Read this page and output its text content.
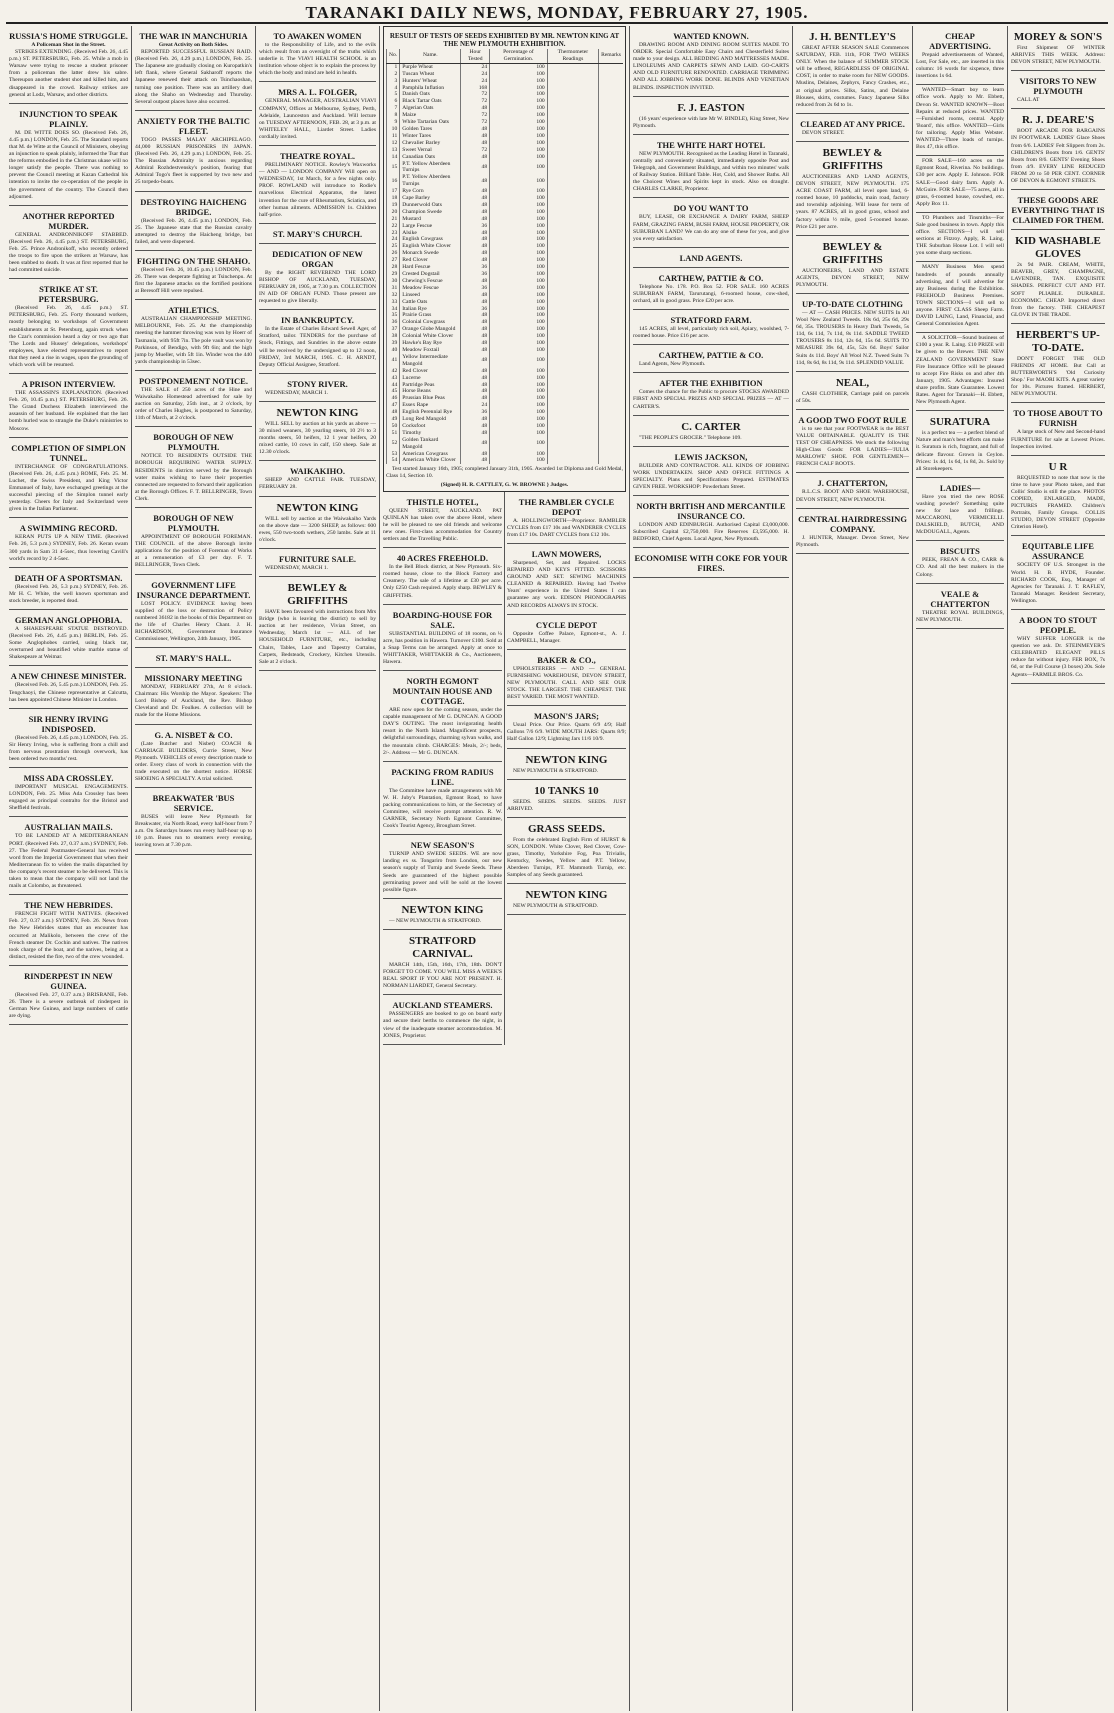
TARANAKI DAILY NEWS, MONDAY, FEBRUARY 27, 1905.
RUSSIA'S HOME STRUGGLE.
A Policeman Shot in the Street.
STRIKES EXTENDING. (Received Feb. 26, 4.45 p.m.) ST. PETERSBURG, Feb. 25. While a mob in Warsaw were trying to rescue a student prisoner from a policeman the latter drew his sabre. Thereupon another student shot and killed him, and disappeared in the crowd. Railway strikes are general at Lodz, Warsaw, and other districts.
INJUNCTION TO SPEAK PLAINLY.
M. DE WITTE DOES SO. (Received Feb. 26, 4.45 p.m.) LONDON, Feb. 25. The Standard reports that M. de Witte at the Council of Ministers, obeying an injunction to speak plainly, informed the Tsar that the reforms embodied in the Christmas ukase will no longer satisfy the people. There was nothing to prevent the Council meeting at Kazan Cathedral his intention to invite the co-operation of the people in the government of the country. The Council then adjourned.
ANOTHER REPORTED MURDER.
GENERAL ANDRONNIKOFF STABBED. (Received Feb. 26, 4.45 p.m.) ST. PETERSBURG, Feb. 25. Prince Andronikoff, who recently ordered the troops to fire upon the strikers at Warsaw, has been stabbed to death. It was at first reported that he had committed suicide.
STRIKE AT ST. PETERSBURG.
(Received Feb. 26, 4.45 p.m.) ST. PETERSBURG, Feb. 25. Forty thousand workers, mostly belonging to workshops of Government establishments at St. Petersburg, again struck when the Czar's commission heard a day or two ago that 'The Lords and Hussey' delegations, workshops' employees, have elected representatives to report that they need a rise in wages, upon the grounding of which work will be resumed.
A PRISON INTERVIEW.
THE ASSASSIN'S EXPLANATION. (Received Feb. 26, 10.45 p.m.) ST. PETERSBURG, Feb. 26. The Grand Duchess Elizabeth interviewed the assassin of her husband. He explained that the last bomb hurled was to strangle the Duke's ministries to Moscow.
COMPLETION OF SIMPLON TUNNEL.
INTERCHANGE OF CONGRATULATIONS. (Received Feb. 26, 4.45 p.m.) ROME, Feb. 25. M. Luchet, the Swiss President, and King Victor Emmanuel of Italy, have exchanged greetings at the successful piercing of the Simplon tunnel early yesterday. Cheers for Italy and Switzerland were given in the Italian Parliament.
A SWIMMING RECORD.
KERAN PUTS UP A NEW TIME. (Received Feb. 26, 5.3 p.m.) SYDNEY, Feb. 26. Keran swam 300 yards in Sam 31 4-5sec, thus lowering Cavill's world's record by 2 4-5sec.
DEATH OF A SPORTSMAN.
(Received Feb. 26, 5.3 p.m.) SYDNEY, Feb. 26. Mr H. C. White, the well known sportsman and stock breeder, is reported dead.
GERMAN ANGLOPHOBIA.
A SHAKESPEARE STATUE DESTROYED. (Received Feb. 26, 4.45 p.m.) BERLIN, Feb. 25. Some Anglophobes carried, using black tar, overturned and beautified white marble statue of Shakespeare at Weimar.
A NEW CHINESE MINISTER.
(Received Feb. 26, 5.45 p.m.) LONDON, Feb. 25. Tengchaoyi, the Chinese representative at Calcutta, has been appointed Chinese Minister in London.
SIR HENRY IRVING INDISPOSED.
(Received Feb. 26, 4.45 p.m.) LONDON, Feb. 25. Sir Henry Irving, who is suffering from a chill and from nervous prostration through overwork, has been ordered two months' rest.
MISS ADA CROSSLEY.
IMPORTANT MUSICAL ENGAGEMENTS. LONDON, Feb. 25. Miss Ada Crossley has been engaged as principal contralto for the Bristol and Sheffield festivals.
AUSTRALIAN MAILS.
TO BE LANDED AT A MEDITERRANEAN PORT. (Received Feb. 27, 0.37 a.m.) SYDNEY, Feb. 27. The Federal Postmaster-General has received word from the Imperial Government that when their Mediterranean fix to widen the mails dispatched by the company's recent steamer to be delivered. This is taken to mean that the company will not land the mails at Colombo, as threatened.
THE NEW HEBRIDES.
FRENCH FIGHT WITH NATIVES. (Received Feb. 27, 0.37 a.m.) SYDNEY, Feb. 26. News from the New Hebrides states that an encounter has occurred at Malikolo, between the crew of the French steamer Dr. Cochin and natives. The natives took charge of the boat, and the natives, being at a distinct, resisted the fire, two of the crew wounded.
RINDERPEST IN NEW GUINEA.
(Received Feb. 27, 0.37 a.m.) BRISBANE, Feb. 26. There is a severe outbreak of rinderpest in German New Guinea, and large numbers of cattle are dying.
THE WAR IN MANCHURIA
Great Activity on Both Sides.
REPORTED SUCCESSFUL RUSSIAN RAID. (Received Feb. 26, 4.29 p.m.) LONDON, Feb. 25. The Japanese are gradually closing on Kuropatkin's left flank, where General Sakharoff reports the Japanese renewed their attack on Tsinchaoshan, turning one position. There was an artillery duel along the Shaho on Wednesday and Thursday. Several outpost places have also occurred.
ANXIETY FOR THE BALTIC FLEET.
TOGO PASSES MALAY ARCHIPELAGO. 44,000 RUSSIAN PRISONERS IN JAPAN. (Received Feb. 26, 4.29 p.m.) LONDON, Feb. 25. The Russian Admiralty is anxious regarding Admiral Rozhdestvensky's position, fearing that Admiral Togo's fleet is supported by two new and 25 torpedo-boats.
DESTROYING HAICHENG BRIDGE.
(Received Feb. 26, 4.45 p.m.) LONDON, Feb. 25. The Japanese state that the Russian cavalry attempted to destroy the Haicheng bridge, but failed, and were dispersed.
FIGHTING ON THE SHAHO.
(Received Feb. 26, 10.45 p.m.) LONDON, Feb. 26. There was desperate fighting at Tsinchenpu. At first the Japanese attacks on the fortified positions at Beresoff Hill were repulsed.
ATHLETICS.
AUSTRALIAN CHAMPIONSHIP MEETING. MELBOURNE, Feb. 25. At the championship meeting the hammer throwing was won by Hoerr of Tasmania, with 95ft 7in. The pole vault was won by Parkinson, of Bendigo, with 9ft 6in; and the high jump by Mueller, with 5ft 1in. Winder won the 440 yards championship in 53sec.
POSTPONEMENT NOTICE.
THE SALE of 250 acres of the Hine and Waiwakaiho Homestead advertised for sale by auction on Saturday, 25th inst., at 2 o'clock, by order of Charles Hughes, is postponed to Saturday, 11th of March, at 2 o'clock.
BOROUGH OF NEW PLYMOUTH.
NOTICE TO RESIDENTS OUTSIDE THE BOROUGH REQUIRING WATER SUPPLY. RESIDENTS in districts served by the Borough water mains wishing to have their properties connected are requested to forward their application at the Borough Offices. F. T. BELLRINGER, Town Clerk.
BOROUGH OF NEW PLYMOUTH.
APPOINTMENT OF BOROUGH FOREMAN. THE COUNCIL of the above Borough invite applications for the position of Foreman of Works at a remuneration of £3 per day. F. T. BELLRINGER, Town Clerk.
GOVERNMENT LIFE INSURANCE DEPARTMENT.
LOST POLICY. EVIDENCE having been supplied of the loss or destruction of Policy numbered 36182 in the books of this Department on the life of Charles Henry Chant. J. H. RICHARDSON, Government Insurance Commissioner, Wellington, 24th January, 1905.
ST. MARY'S HALL.
MISSIONARY MEETING
MONDAY, FEBRUARY 27th, At 8 o'clock. Chairman: His Worship the Mayor. Speakers: The Lord Bishop of Auckland, the Rev. Bishop Cleveland and Dr. Foulkes. A collection will be made for the Home Missions.
G. A. NISBET & CO.
(Late Butcher and Nisbet) COACH & CARRIAGE BUILDERS, Currie Street, New Plymouth. VEHICLES of every description made to order. Every class of work in connection with the trade executed on the shortest notice. HORSE SHOEING A SPECIALTY. A trial solicited.
BREAKWATER 'BUS SERVICE.
BUSES will leave New Plymouth for Breakwater, via North Road, every half-hour from 7 a.m. On Saturdays buses run every half-hour up to 10 p.m. Buses run to steamers every evening, leaving town at 7.30 p.m.
TO AWAKEN WOMEN
to the Responsibility of Life, and to the evils which result from an oversight of the truths which underlie it. The VIAVI HEALTH SCHOOL is an institution whose object is to explain the process by which the body and mind are held in health.
MRS A. L. FOLGER,
GENERAL MANAGER, AUSTRALIAN VIAVI COMPANY, Offices at Melbourne, Sydney, Perth, Adelaide, Launceston and Auckland. Will lecture on TUESDAY AFTERNOON, FEB. 28, at 3 p.m. at WHITELEY HALL, Liardet Street. Ladies cordially invited.
THEATRE ROYAL.
PRELIMINARY NOTICE. Rowley's Waxworks — AND — LONDON COMPANY Will open on WEDNESDAY, 1st March, for a few nights only. PROF. ROWLAND will introduce to Rodie's marvellous Electrical Apparatus, the latest invention for the cure of Rheumatism, Sciatica, and other human ailments. ADMISSION 1s. Children half-price.
ST. MARY'S CHURCH.
DEDICATION OF NEW ORGAN
By the RIGHT REVEREND THE LORD BISHOP OF AUCKLAND, TUESDAY, FEBRUARY 28, 1905, at 7.30 p.m. COLLECTION IN AID OF ORGAN FUND. Those present are requested to give liberally.
IN BANKRUPTCY.
In the Estate of Charles Edward Sewell Ager, of Stratford, tailor. TENDERS for the purchase of Stock, Fittings, and Sundries in the above estate will be received by the undersigned up to 12 noon, FRIDAY, 3rd MARCH, 1905. C. H. ARNDT, Deputy Official Assignee, Stratford.
STONY RIVER.
WEDNESDAY, MARCH 1.
NEWTON KING
WILL SELL by auction at his yards as above — 30 mixed weaners, 30 yearling steers, 10 2½ to 3 months steers, 50 heifers, 12 1 year heifers, 20 mixed cattle, 10 cows in calf, 150 sheep. Sale at 12.30 o'clock.
WAIKAKIHO.
SHEEP AND CATTLE FAIR. TUESDAY, FEBRUARY 28.
NEWTON KING
WILL sell by auction at the Waiwakaiho Yards on the above date — 3200 SHEEP, as follows: 600 ewes, 550 two-tooth wethers, 250 lambs. Sale at 11 o'clock.
FURNITURE SALE.
WEDNESDAY, MARCH 1.
BEWLEY & GRIFFITHS
HAVE been favoured with instructions from Mrs Bridge (who is leaving the district) to sell by auction at her residence, Vivian Street, on Wednesday, March 1st — ALL of her HOUSEHOLD FURNITURE, etc., including Chairs, Tables, Lace and Tapestry Curtains, Carpets, Bedsteads, Crockery, Kitchen Utensils. Sale at 2 o'clock.
RESULT OF TESTS OF SEEDS EXHIBITED BY MR. NEWTON KING AT THE NEW PLYMOUTH EXHIBITION.
No.	Name.	Hour Tested	Percentage of Germination.	Thermometer Readings	Remarks
1	Purple Wheat	24	100		
2	Tuscan Wheat	24	100		
3	Hunters' Wheat	24	100		
4	Pamphila Inflation	168	100		
5	Danish Oats	72	100		
6	Black Tartar Oats	72	100		
7	Algerian Oats	48	100		
8	Maize	72	100		
9	White Tartarian Oats	72	100		
10	Golden Tares	48	100		
11	Winter Tares	48	100		
12	Chevalier Barley	48	100		
13	Sweet Vernal	72	100		
14	Canadian Oats	48	100		
15	P.T. Yellow Aberdeen Turnips	48	100		
16	P.T. Yellow Aberdeen Turnips	48	100		
17	Rye Corn	48	100		
18	Cape Barley	48	100		
19	Dunnerwold Oats	48	100		
20	Champion Swede	48	100		
21	Mustard	48	100		
22	Large Fescue	36	100		
23	Alsike	48	100		
24	English Cowgrass	48	100		
25	English White Clover	48	100		
26	Monarch Swede	48	100		
27	Red Clover	48	100		
28	Hard Fescue	36	100		
29	Crested Dogstail	36	100		
30	Chewing's Fescue	48	100		
31	Meadow Fescue	36	100		
32	Linseed	48	100		
33	Cattle Oats	48	100		
34	Italian Rye	36	100		
35	Prairie Grass	48	100		
36	Colonial Cowgrass	48	100		
37	Orange Globe Mangold	48	100		
38	Colonial White Clover	48	100		
39	Hawke's Bay Rye	48	100		
40	Meadow Foxtail	48	100		
41	Yellow Intermediate Mangold	48	100		
42	Red Clover	48	100		
43	Lucerne	48	100		
44	Partridge Peas	48	100		
45	Horse Beans	48	100		
46	Prussian Blue Peas	48	100		
47	Essex Rape	24	100		
48	English Perennial Rye	36	100		
49	Long Red Mangold	48	100		
50	Cocksfoot	48	100		
51	Timothy	48	100		
52	Golden Tankard Mangold	48	100		
53	American Cowgrass	48	100		
54	American White Clover	48	100		
Test started January 16th, 1905; completed January 31th, 1905. Awarded 1st Diploma and Gold Medal, Class 14, Section 10.
(Signed) H. R. CATTLEY, G. W. BROWNE } Judges.
THISTLE HOTEL,
QUEEN STREET, AUCKLAND. PAT QUINLAN has taken over the above Hotel, where he will be pleased to see old friends and welcome new ones. First-class accommodation for Country settlers and the Travelling Public.
40 ACRES FREEHOLD.
In the Bell Block district, at New Plymouth. Six-roomed house, close to the Block Factory and Creamery. The sale of a lifetime at £30 per acre. Only £250 Cash required. Apply sharp. BEWLEY & GRIFFITHS.
BOARDING-HOUSE FOR SALE.
SUBSTANTIAL BUILDING of 18 rooms, on ¼ acre, has position in Hawera. Turnover £100. Sold at a Snap Terms can be arranged. Apply at once to WHITTAKER, WHITTAKER & Co., Auctioneers, Hawera.
NORTH EGMONT MOUNTAIN HOUSE AND COTTAGE.
ARE now open for the coming season, under the capable management of Mr G. DUNCAN. A GOOD DAY'S OUTING. The most invigorating health resort in the North Island. Magnificent prospects, delightful surroundings, charming sylvan walks, and the mountain climb. CHARGES: Meals, 2/-; beds, 2/-. Address — Mr G. DUNCAN.
PACKING FROM RADIUS LINE.
The Committee have made arrangements with Mr W. H. Juby's Plantation, Egmont Road, to have packing communications to him, or the Secretary of Committee, will receive prompt attention. R. W. GARNER, Secretary North Egmont Committee, Cook's Tourist Agency, Brougham Street.
NEW SEASON'S
TURNIP AND SWEDE SEEDS. WE are now landing ex ss. Tongariro from London, our new season's supply of Turnip and Swede Seeds. These Seeds are guaranteed of the highest possible germinating power and will be sold at the lowest possible figure.
NEWTON KING
— NEW PLYMOUTH & STRATFORD.
STRATFORD CARNIVAL.
MARCH 14th, 15th, 16th, 17th, 18th. DON'T FORGET TO COME. YOU WILL MISS A WEEK'S REAL SPORT IF YOU ARE NOT PRESENT. H. NORMAN LIARDET, General Secretary.
AUCKLAND STEAMERS.
PASSENGERS are booked to go on board early and secure their berths to commence the night, in view of the inadequate steamer accommodation. M. JONES, Proprietor.
THE RAMBLER CYCLE DEPOT
A. HOLLINGWORTH—Proprietor. RAMBLER CYCLES from £17 10s and WANDERER CYCLES from £17 10s. DART CYCLES from £12 10s.
LAWN MOWERS,
Sharpened, Set, and Repaired. LOCKS REPAIRED AND KEYS FITTED. SCISSORS GROUND AND SET. SEWING MACHINES CLEANED & REPAIRED. Having had Twelve Years' experience in the United States I can guarantee any work. EDISON PHONOGRAPHS AND RECORDS ALWAYS IN STOCK.
CYCLE DEPOT
Opposite Coffee Palace, Egmont-st., A. J. CAMPBELL, Manager.
BAKER & CO.,
UPHOLSTERERS — AND — GENERAL FURNISHING WAREHOUSE, DEVON STREET, NEW PLYMOUTH. CALL AND SEE OUR STOCK. THE LARGEST. THE CHEAPEST. THE BEST VARIED. THE MOST WANTED.
MASON'S JARS;
Usual Price. Our Price. Quarts 6/9 4/9; Half Gallons 7/6 6/9. WIDE MOUTH JARS: Quarts 8/9; Half Gallon 12/9; Lightning Jars 11/6 10/9.
NEWTON KING
NEW PLYMOUTH & STRATFORD.
10 TANKS 10
SEEDS. SEEDS. SEEDS. SEEDS. JUST ARRIVED.
GRASS SEEDS.
From the celebrated English Firm of HURST & SON, LONDON. White Clover, Red Clover, Cow-grass, Timothy, Yorkshire Fog, Poa Trivialis, Kentucky, Swedes, Yellow and P.T. Yellow, Aberdeen Turnips, P.T. Mammoth Turnip, etc. Samples of any Seeds guaranteed.
NEWTON KING
NEW PLYMOUTH & STRATFORD.
WANTED KNOWN.
DRAWING ROOM AND DINING ROOM SUITES MADE TO ORDER. Special Comfortable Easy Chairs and Chesterfield Suites made to your design. ALL BEDDING AND MATTRESSES MADE. LINOLEUMS AND CARPETS SEWN AND LAID. GO-CARTS AND OLD FURNITURE RENOVATED. CARRIAGE TRIMMING AND ALL JOBBING WORK DONE. BLINDS AND VENETIAN BLINDS. INSPECTION INVITED.
F. J. EASTON
(16 years' experience with late Mr W. BINDLE), King Street, New Plymouth.
THE WHITE HART HOTEL
NEW PLYMOUTH. Recognised as the Leading Hotel in Taranaki, centrally and conveniently situated, immediately opposite Post and Telegraph, and Government Buildings, and within two minutes' walk of Railway Station. Billiard Table. Hot, Cold, and Shower Baths. All the Choicest Wines and Spirits kept in stock. Also on draught. CHARLES CLARKE, Proprietor.
DO YOU WANT TO
BUY, LEASE, OR EXCHANGE A DAIRY FARM, SHEEP FARM, GRAZING FARM, BUSH FARM, HOUSE PROPERTY, OR SUBURBAN LAND? We can do any one of these for you, and give you every satisfaction.
LAND AGENTS.
CARTHEW, PATTIE & CO.
Telephone No. 178. P.O. Box 52. FOR SALE. 160 ACRES SUBURBAN FARM, Tarurutangi, 6-roomed house, cow-shed, orchard, all in good grass. Price £20 per acre.
STRATFORD FARM.
145 ACRES, all level, particularly rich soil, Apiary, woolshed, 7-roomed house. Price £16 per acre.
CARTHEW, PATTIE & CO.
Land Agents, New Plymouth.
AFTER THE EXHIBITION
Comes the chance for the Public to procure STOCKS AWARDED FIRST AND SPECIAL PRIZES AND SPECIAL PRIZES — AT — CARTER'S.
C. CARTER
"THE PEOPLE'S GROCER." Telephone 109.
LEWIS JACKSON,
BUILDER AND CONTRACTOR. ALL KINDS OF JOBBING WORK UNDERTAKEN. SHOP AND OFFICE FITTINGS A SPECIALTY. Plans and Specifications Prepared. ESTIMATES GIVEN FREE. WORKSHOP: Powderham Street.
NORTH BRITISH AND MERCANTILE INSURANCE CO.
LONDON AND EDINBURGH. Authorised Capital £3,000,000. Subscribed Capital £2,750,000. Fire Reserves £3,595,000. H. BEDFORD, Chief Agents. Local Agent, New Plymouth.
ECONOMISE WITH COKE FOR YOUR FIRES.
J. H. BENTLEY'S
GREAT AFTER SEASON SALE Commences SATURDAY, FEB. 11th, FOR TWO WEEKS ONLY. When the balance of SUMMER STOCK will be offered, REGARDLESS OF ORIGINAL COST, in order to make room for NEW GOODS. Muslins, Delaines, Zephyrs, Fancy Crashes, etc., at original prices. Silks, Satins, and Delaine Blouses, skirts, costumes. Fancy Japanese Silks reduced from 2s 6d to 1s.
CLEARED AT ANY PRICE.
DEVON STREET.
BEWLEY & GRIFFITHS
AUCTIONEERS AND LAND AGENTS, DEVON STREET, NEW PLYMOUTH. 175 ACRE COAST FARM, all level open land, 6-roomed house, 10 paddocks, main road, factory and township adjoining. Will lease for term of years. 87 ACRES, all in good grass, school and factory within ½ mile, good 5-roomed house. Price £21 per acre.
BEWLEY & GRIFFITHS
AUCTIONEERS, LAND AND ESTATE AGENTS, DEVON STREET, NEW PLYMOUTH.
UP-TO-DATE CLOTHING
— AT — CASH PRICES. NEW SUITS In All Wool New Zealand Tweeds. 18s 6d, 25s 6d, 29s 6d, 35s. TROUSERS In Heavy Dark Tweeds, 5s 11d, 6s 11d, 7s 11d, 8s 11d. SADDLE TWEED TROUSERS 8s 11d, 12s 6d, 15s 6d. SUITS TO MEASURE 39s 6d, 45s, 52s 6d. Boys' Sailor Suits 4s 11d. Boys' All Wool N.Z. Tweed Suits 7s 11d, 8s 6d, 8s 11d, 9s 11d. SPLENDID VALUE.
NEAL,
CASH CLOTHIER, Carriage paid on parcels of 50s.
A GOOD TWO FOOT RULE
is to see that your FOOTWEAR is the BEST VALUE OBTAINABLE. QUALITY IS THE TEST OF CHEAPNESS. We stock the following High-Class Goods: FOR LADIES—'JULIA MARLOWE' SHOE. FOR GENTLEMEN—FRENCH CALF BOOTS.
J. CHATTERTON,
R.L.C.S. BOOT AND SHOE WAREHOUSE, DEVON STREET, NEW PLYMOUTH.
CENTRAL HAIRDRESSING COMPANY.
J. HUNTER, Manager. Devon Street, New Plymouth.
CHEAP ADVERTISING.
Prepaid advertisements of Wanted, Lost, For Sale, etc., are inserted in this column: 16 words for sixpence, three insertions 1s 6d.
WANTED—Smart boy to learn office work. Apply to Mr. Ebbett, Devon St. WANTED KNOWN—Boot Repairs at reduced prices. WANTED—Furnished rooms, central. Apply 'Board', this office. WANTED—Girls for tailoring. Apply Miss Webster. WANTED—Three loads of turnips. Box 47, this office.
FOR SALE—160 acres on the Egmont Road, Riverina. No buildings. £30 per acre. Apply E. Johnson. FOR SALE—Good dairy farm. Apply A. McGuire. FOR SALE—75 acres, all in grass, 6-roomed house, cowshed, etc. Apply Box 11.
TO Plumbers and Tinsmiths—For Sale good business in town. Apply this office. SECTIONS—I will sell sections at Fitzroy. Apply, R. Laing. THE Suburban House Lot. I will sell you some sharp sections.
MANY Business Men spend hundreds of pounds annually advertising, and I will advertise for any Business during the Exhibition. FREEHOLD Business Premises. TOWN SECTIONS—I will sell to anyone. FIRST CLASS Sheep Farm. DAVID LAING, Land, Financial, and General Commission Agent.
A SOLICITOR—Sound business of £100 a year. R. Laing. £10 PRIZE will be given to the Brewer. THE NEW ZEALAND GOVERNMENT State Fire Insurance Office will be pleased to accept Fire Risks on and after 4th January, 1905. Advantages: Insured share profits. State Guarantee. Lowest Rates. Agent for Taranaki—H. Ebbett, New Plymouth Agent.
SURATURA
is a perfect tea — a perfect blend of Nature and man's best efforts can make it. Suratura is rich, fragrant, and full of delicate flavour. Grown in Ceylon. Prices: 1s 4d, 1s 6d, 1s 8d, 2s. Sold by all Storekeepers.
LADIES—
Have you tried the new ROSE washing powder? Something quite new for lace and frillings. MACCARONI, VERMICELLI. DALSKIELD, BUTCH, AND McDOUGALL, Agents.
BISCUITS
PEEK, FREAN & CO., CARR & CO. And all the best makers in the Colony.
VEALE & CHATTERTON
THEATRE ROYAL BUILDINGS, NEW PLYMOUTH.
MOREY & SON'S
First Shipment OF WINTER ARRIVES THIS WEEK. Address: DEVON STREET, NEW PLYMOUTH.
VISITORS TO NEW PLYMOUTH
CALL AT
R. J. DEARE'S
BOOT ARCADE FOR BARGAINS IN FOOTWEAR. LADIES' Glace Shoes from 6/6. LADIES' Felt Slippers from 2s. CHILDREN'S Boots from 1/6. GENTS' Boots from 8/6. GENTS' Evening Shoes from 4/9. EVERY LINE REDUCED FROM 20 to 50 PER CENT. CORNER OF DEVON & EGMONT STREETS.
THESE GOODS ARE EVERYTHING THAT IS CLAIMED FOR THEM.
KID WASHABLE GLOVES
2s 9d PAIR. CREAM, WHITE, BEAVER, GREY, CHAMPAGNE, LAVENDER, TAN. EXQUISITE SHADES. PERFECT CUT AND FIT. SOFT PLIABLE. DURABLE. ECONOMIC. CHEAP. Imported direct from the factory. THE CHEAPEST GLOVE IN THE TRADE.
HERBERT'S UP-TO-DATE.
DON'T FORGET THE OLD FRIENDS AT HOME. But Call at BUTTERWORTH'S 'Old Curiosity Shop.' For MAORI KITS. A great variety for 10s. Pictures framed. HERBERT, NEW PLYMOUTH.
TO THOSE ABOUT TO FURNISH
A large stock of New and Second-hand FURNITURE for sale at Lowest Prices. Inspection invited.
U R
REQUESTED to note that now is the time to have your Photo taken, and that Collis' Studio is still the place. PHOTOS COPIED, ENLARGED, MADE, PICTURES FRAMED. Children's Portraits, Family Groups. COLLIS STUDIO, DEVON STREET (Opposite Criterion Hotel).
EQUITABLE LIFE ASSURANCE
SOCIETY OF U.S. Strongest in the World. H. B. HYDE, Founder. RICHARD COOK, Esq., Manager of Agencies for Taranaki. J. T. RAFLEY, Taranaki Manager. Resident Secretary, Wellington.
A BOON TO STOUT PEOPLE.
WHY SUFFER LONGER is the question we ask. Dr. STEINMEYER'S CELEBRATED ELEGANT PILLS reduce fat without injury. FER BOX, 7s 6d, or the Full Course (3 boxes) 20s. Sole Agents—FARMILE BROS. Co.
